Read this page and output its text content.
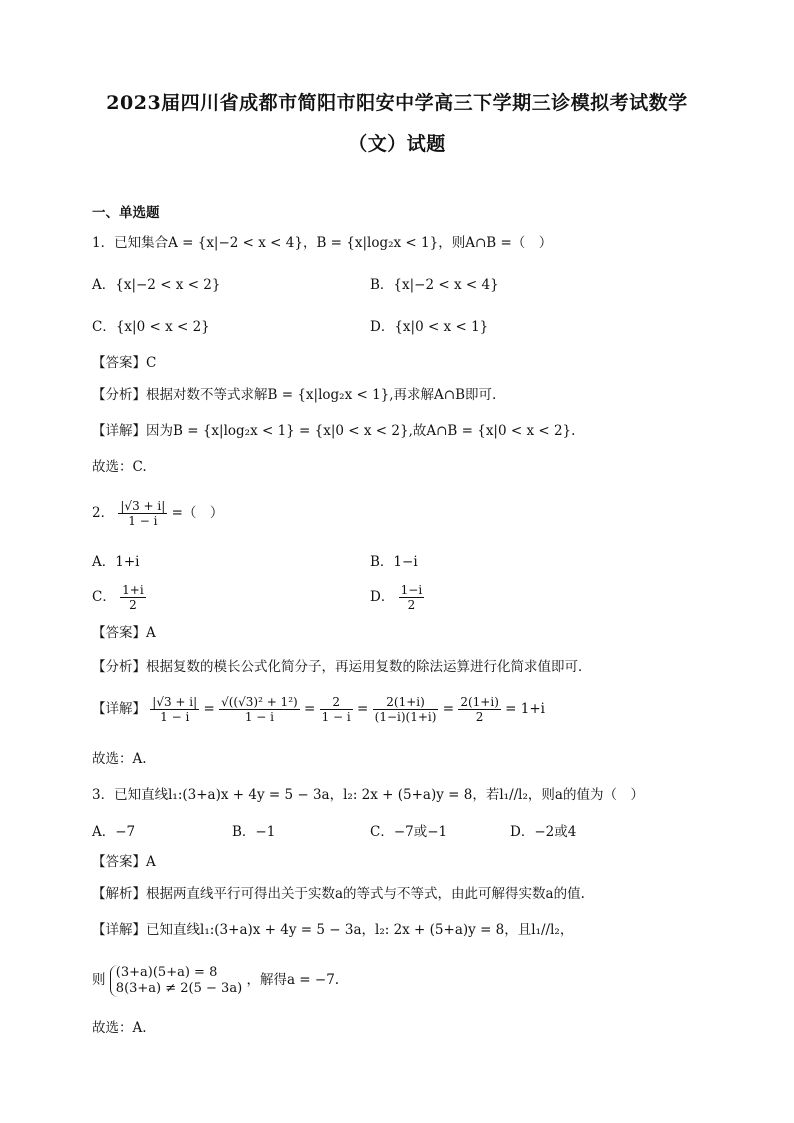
2023届四川省成都市简阳市阳安中学高三下学期三诊模拟考试数学
（文）试题
一、单选题
1．已知集合A = {x|−2 < x < 4}，B = {x|log₂x < 1}，则A∩B =（　）
A．{x|−2 < x < 2}	B．{x|−2 < x < 4}
C．{x|0 < x < 2}	D．{x|0 < x < 1}
【答案】C
【分析】根据对数不等式求解B = {x|log₂x < 1},再求解A∩B即可.
【详解】因为B = {x|log₂x < 1} = {x|0 < x < 2},故A∩B = {x|0 < x < 2}.
故选：C.
2． $\frac{|√3 + i|}{1 - i}$ =（　）
A．1+i	B．1−i
C． $\frac{1+i}{2}$	D． $\frac{1-i}{2}$
【答案】A
【分析】根据复数的模长公式化简分子，再运用复数的除法运算进行化简求值即可．
【详解】 $\frac{|√3 + i|}{1 - i} = \frac{\text{√((√3)² + 1²)}}{1 - i} = \frac{2}{1 - i} = \frac{2(1+i)}{(1-i)(1+i)} = \frac{2(1+i)}{2} = 1+i$
故选：A.
3．已知直线l₁:(3+a)x + 4y = 5 − 3a，l₂: 2x + (5+a)y = 8，若l₁//l₂，则a的值为（　）
A．−7	B．−1	C．−7或−1	D．−2或4
【答案】A
【解析】根据两直线平行可得出关于实数a的等式与不等式，由此可解得实数a的值.
【详解】已知直线l₁:(3+a)x + 4y = 5 − 3a，l₂: 2x + (5+a)y = 8，且l₁//l₂，
则 (3+a)(5+a) = 8
8(3+a) ≠ 2(5 − 3a) ，解得a = −7.
故选：A.
